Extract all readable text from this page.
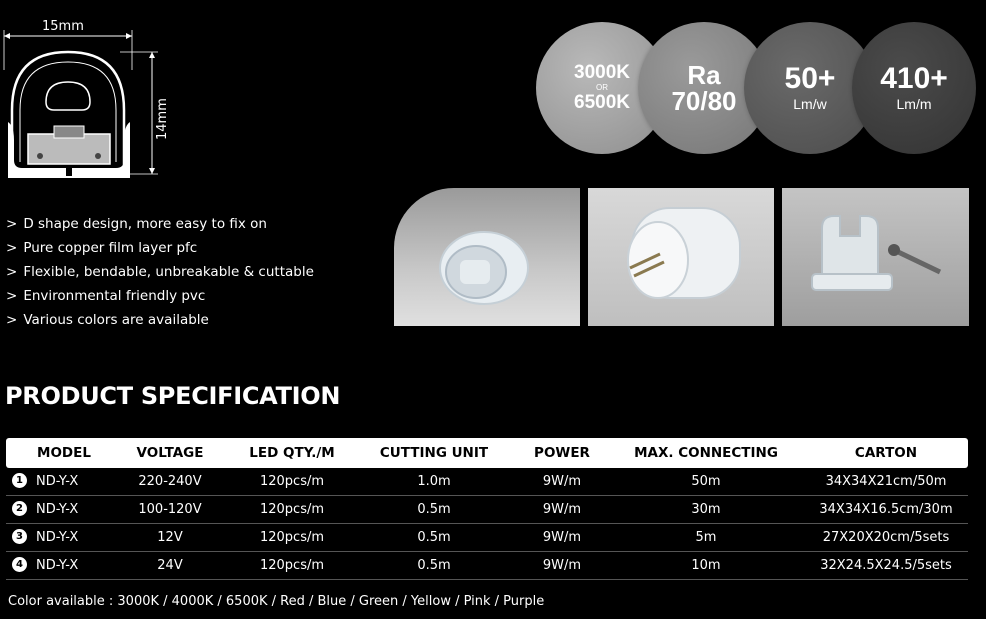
15mm
14mm
3000K
OR
6500K
Ra
70/80
50+
Lm/w
410+
Lm/m
> D shape design, more easy to fix on
> Pure copper film layer pfc
> Flexible, bendable, unbreakable & cuttable
> Environmental friendly pvc
> Various colors are available
PRODUCT SPECIFICATION
MODEL	VOLTAGE	LED QTY./M	CUTTING UNIT	POWER	MAX. CONNECTING	CARTON
1	ND-Y-X	220-240V	120pcs/m	1.0m	9W/m	50m	34X34X21cm/50m
2	ND-Y-X	100-120V	120pcs/m	0.5m	9W/m	30m	34X34X16.5cm/30m
3	ND-Y-X	12V	120pcs/m	0.5m	9W/m	5m	27X20X20cm/5sets
4	ND-Y-X	24V	120pcs/m	0.5m	9W/m	10m	32X24.5X24.5/5sets
Color available : 3000K / 4000K / 6500K / Red / Blue / Green / Yellow / Pink / Purple
